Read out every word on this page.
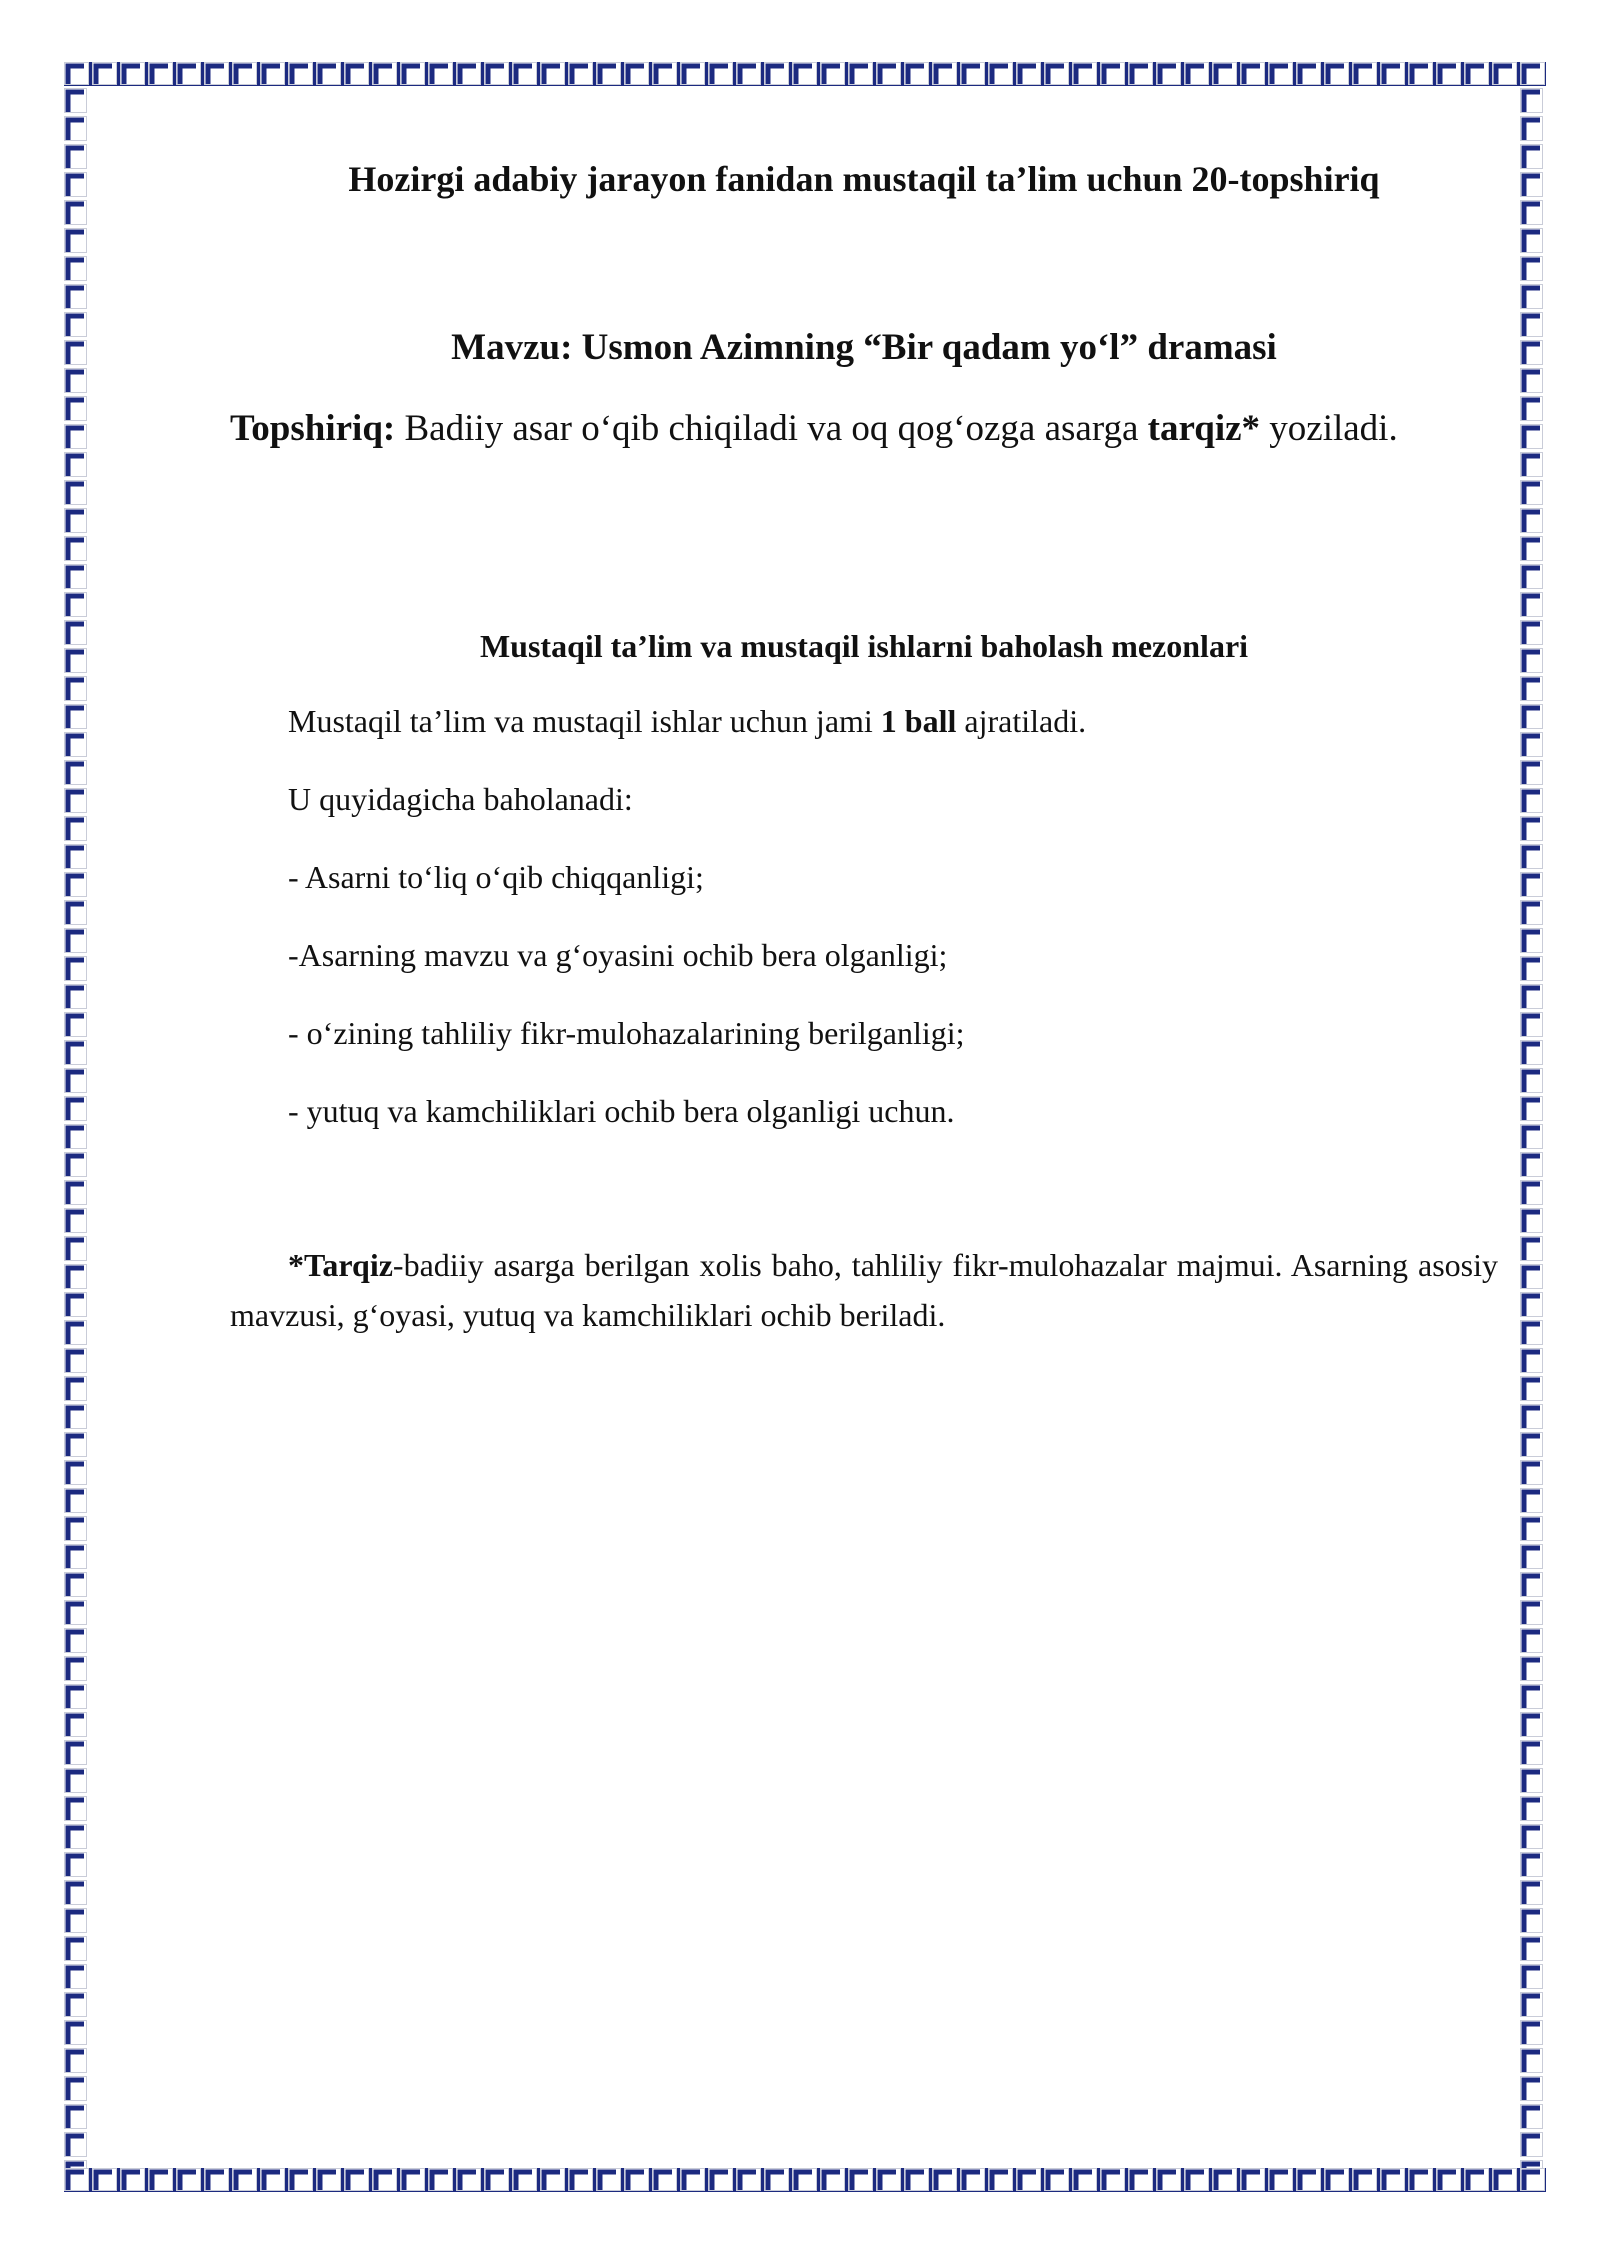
Hozirgi adabiy jarayon fanidan mustaqil ta’lim uchun 20-topshiriq
Mavzu: Usmon Azimning “Bir qadam yo‘l” dramasi

Topshiriq: Badiiy asar o‘qib chiqiladi va oq qog‘ozga asarga tarqiz* yoziladi.

Mustaqil ta’lim va mustaqil ishlarni baholash mezonlari

Mustaqil ta’lim va mustaqil ishlar uchun jami 1 ball ajratiladi.

U quyidagicha baholanadi:

- Asarni to‘liq o‘qib chiqqanligi;

-Asarning mavzu va g‘oyasini ochib bera olganligi;

- o‘zining tahliliy fikr-mulohazalarining berilganligi;

- yutuq va kamchiliklari ochib bera olganligi uchun.

*Tarqiz-badiiy asarga berilgan xolis baho, tahliliy fikr-mulohazalar majmui. Asarning asosiy mavzusi, g‘oyasi, yutuq va kamchiliklari ochib beriladi.
